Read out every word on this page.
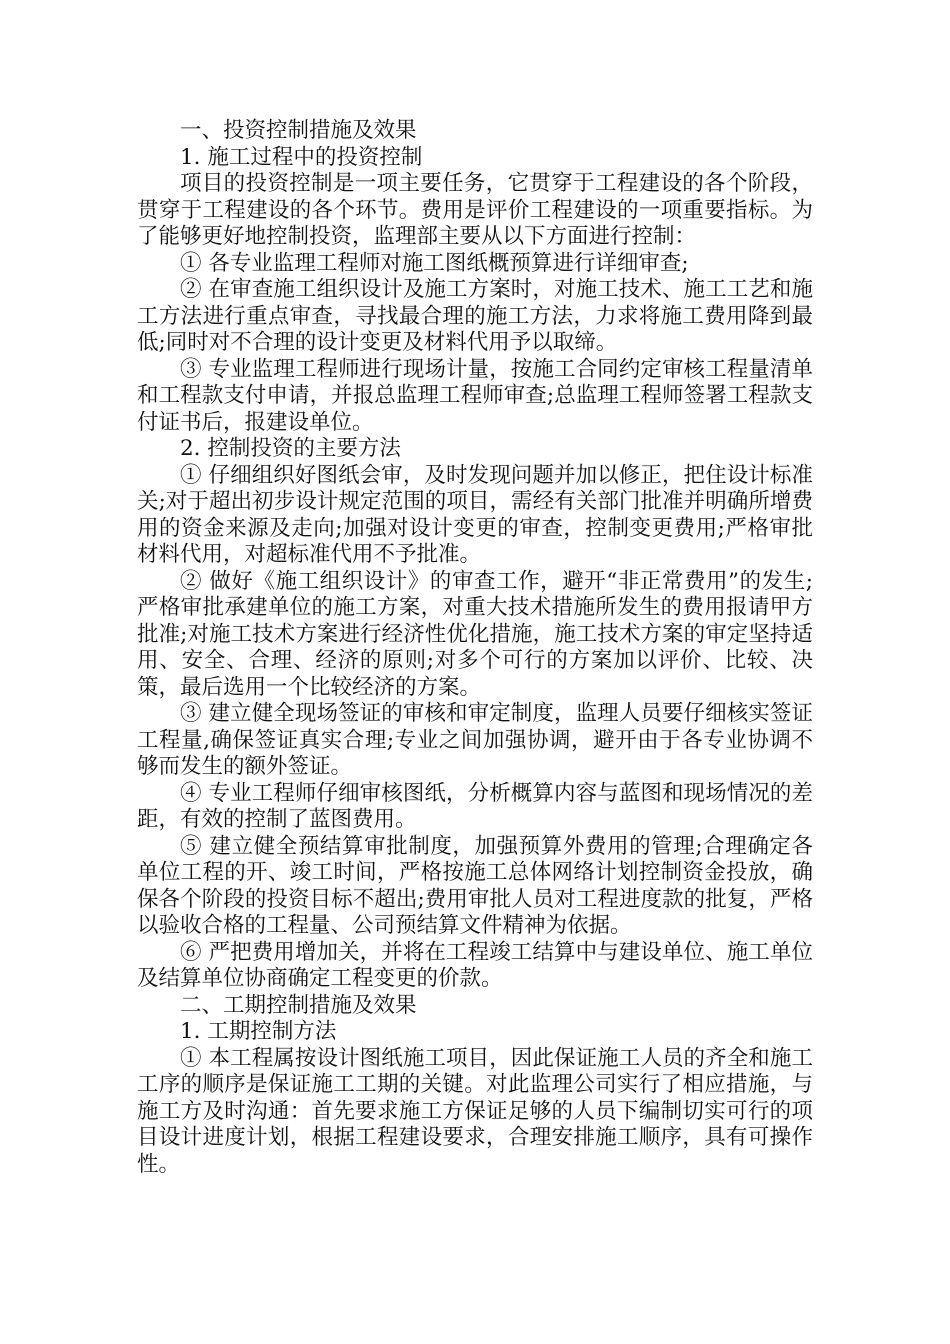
一、投资控制措施及效果

1. 施工过程中的投资控制

项目的投资控制是一项主要任务，它贯穿于工程建设的各个阶段，贯穿于工程建设的各个环节。费用是评价工程建设的一项重要指标。为了能够更好地控制投资，监理部主要从以下方面进行控制：

① 各专业监理工程师对施工图纸概预算进行详细审查;

② 在审查施工组织设计及施工方案时，对施工技术、施工工艺和施工方法进行重点审查，寻找最合理的施工方法，力求将施工费用降到最低;同时对不合理的设计变更及材料代用予以取缔。

③ 专业监理工程师进行现场计量，按施工合同约定审核工程量清单和工程款支付申请，并报总监理工程师审查;总监理工程师签署工程款支付证书后，报建设单位。

2. 控制投资的主要方法

① 仔细组织好图纸会审，及时发现问题并加以修正，把住设计标准关;对于超出初步设计规定范围的项目，需经有关部门批准并明确所增费用的资金来源及走向;加强对设计变更的审查，控制变更费用;严格审批材料代用，对超标准代用不予批准。

② 做好《施工组织设计》的审查工作，避开“非正常费用”的发生;严格审批承建单位的施工方案，对重大技术措施所发生的费用报请甲方批准;对施工技术方案进行经济性优化措施，施工技术方案的审定坚持适用、安全、合理、经济的原则;对多个可行的方案加以评价、比较、决策，最后选用一个比较经济的方案。

③ 建立健全现场签证的审核和审定制度，监理人员要仔细核实签证工程量,确保签证真实合理;专业之间加强协调，避开由于各专业协调不够而发生的额外签证。

④ 专业工程师仔细审核图纸，分析概算内容与蓝图和现场情况的差距，有效的控制了蓝图费用。

⑤ 建立健全预结算审批制度，加强预算外费用的管理;合理确定各单位工程的开、竣工时间，严格按施工总体网络计划控制资金投放，确保各个阶段的投资目标不超出;费用审批人员对工程进度款的批复，严格以验收合格的工程量、公司预结算文件精神为依据。

⑥ 严把费用增加关，并将在工程竣工结算中与建设单位、施工单位及结算单位协商确定工程变更的价款。

二、工期控制措施及效果

1. 工期控制方法

① 本工程属按设计图纸施工项目，因此保证施工人员的齐全和施工工序的顺序是保证施工工期的关键。对此监理公司实行了相应措施，与施工方及时沟通：首先要求施工方保证足够的人员下编制切实可行的项目设计进度计划，根据工程建设要求，合理安排施工顺序，具有可操作性。
